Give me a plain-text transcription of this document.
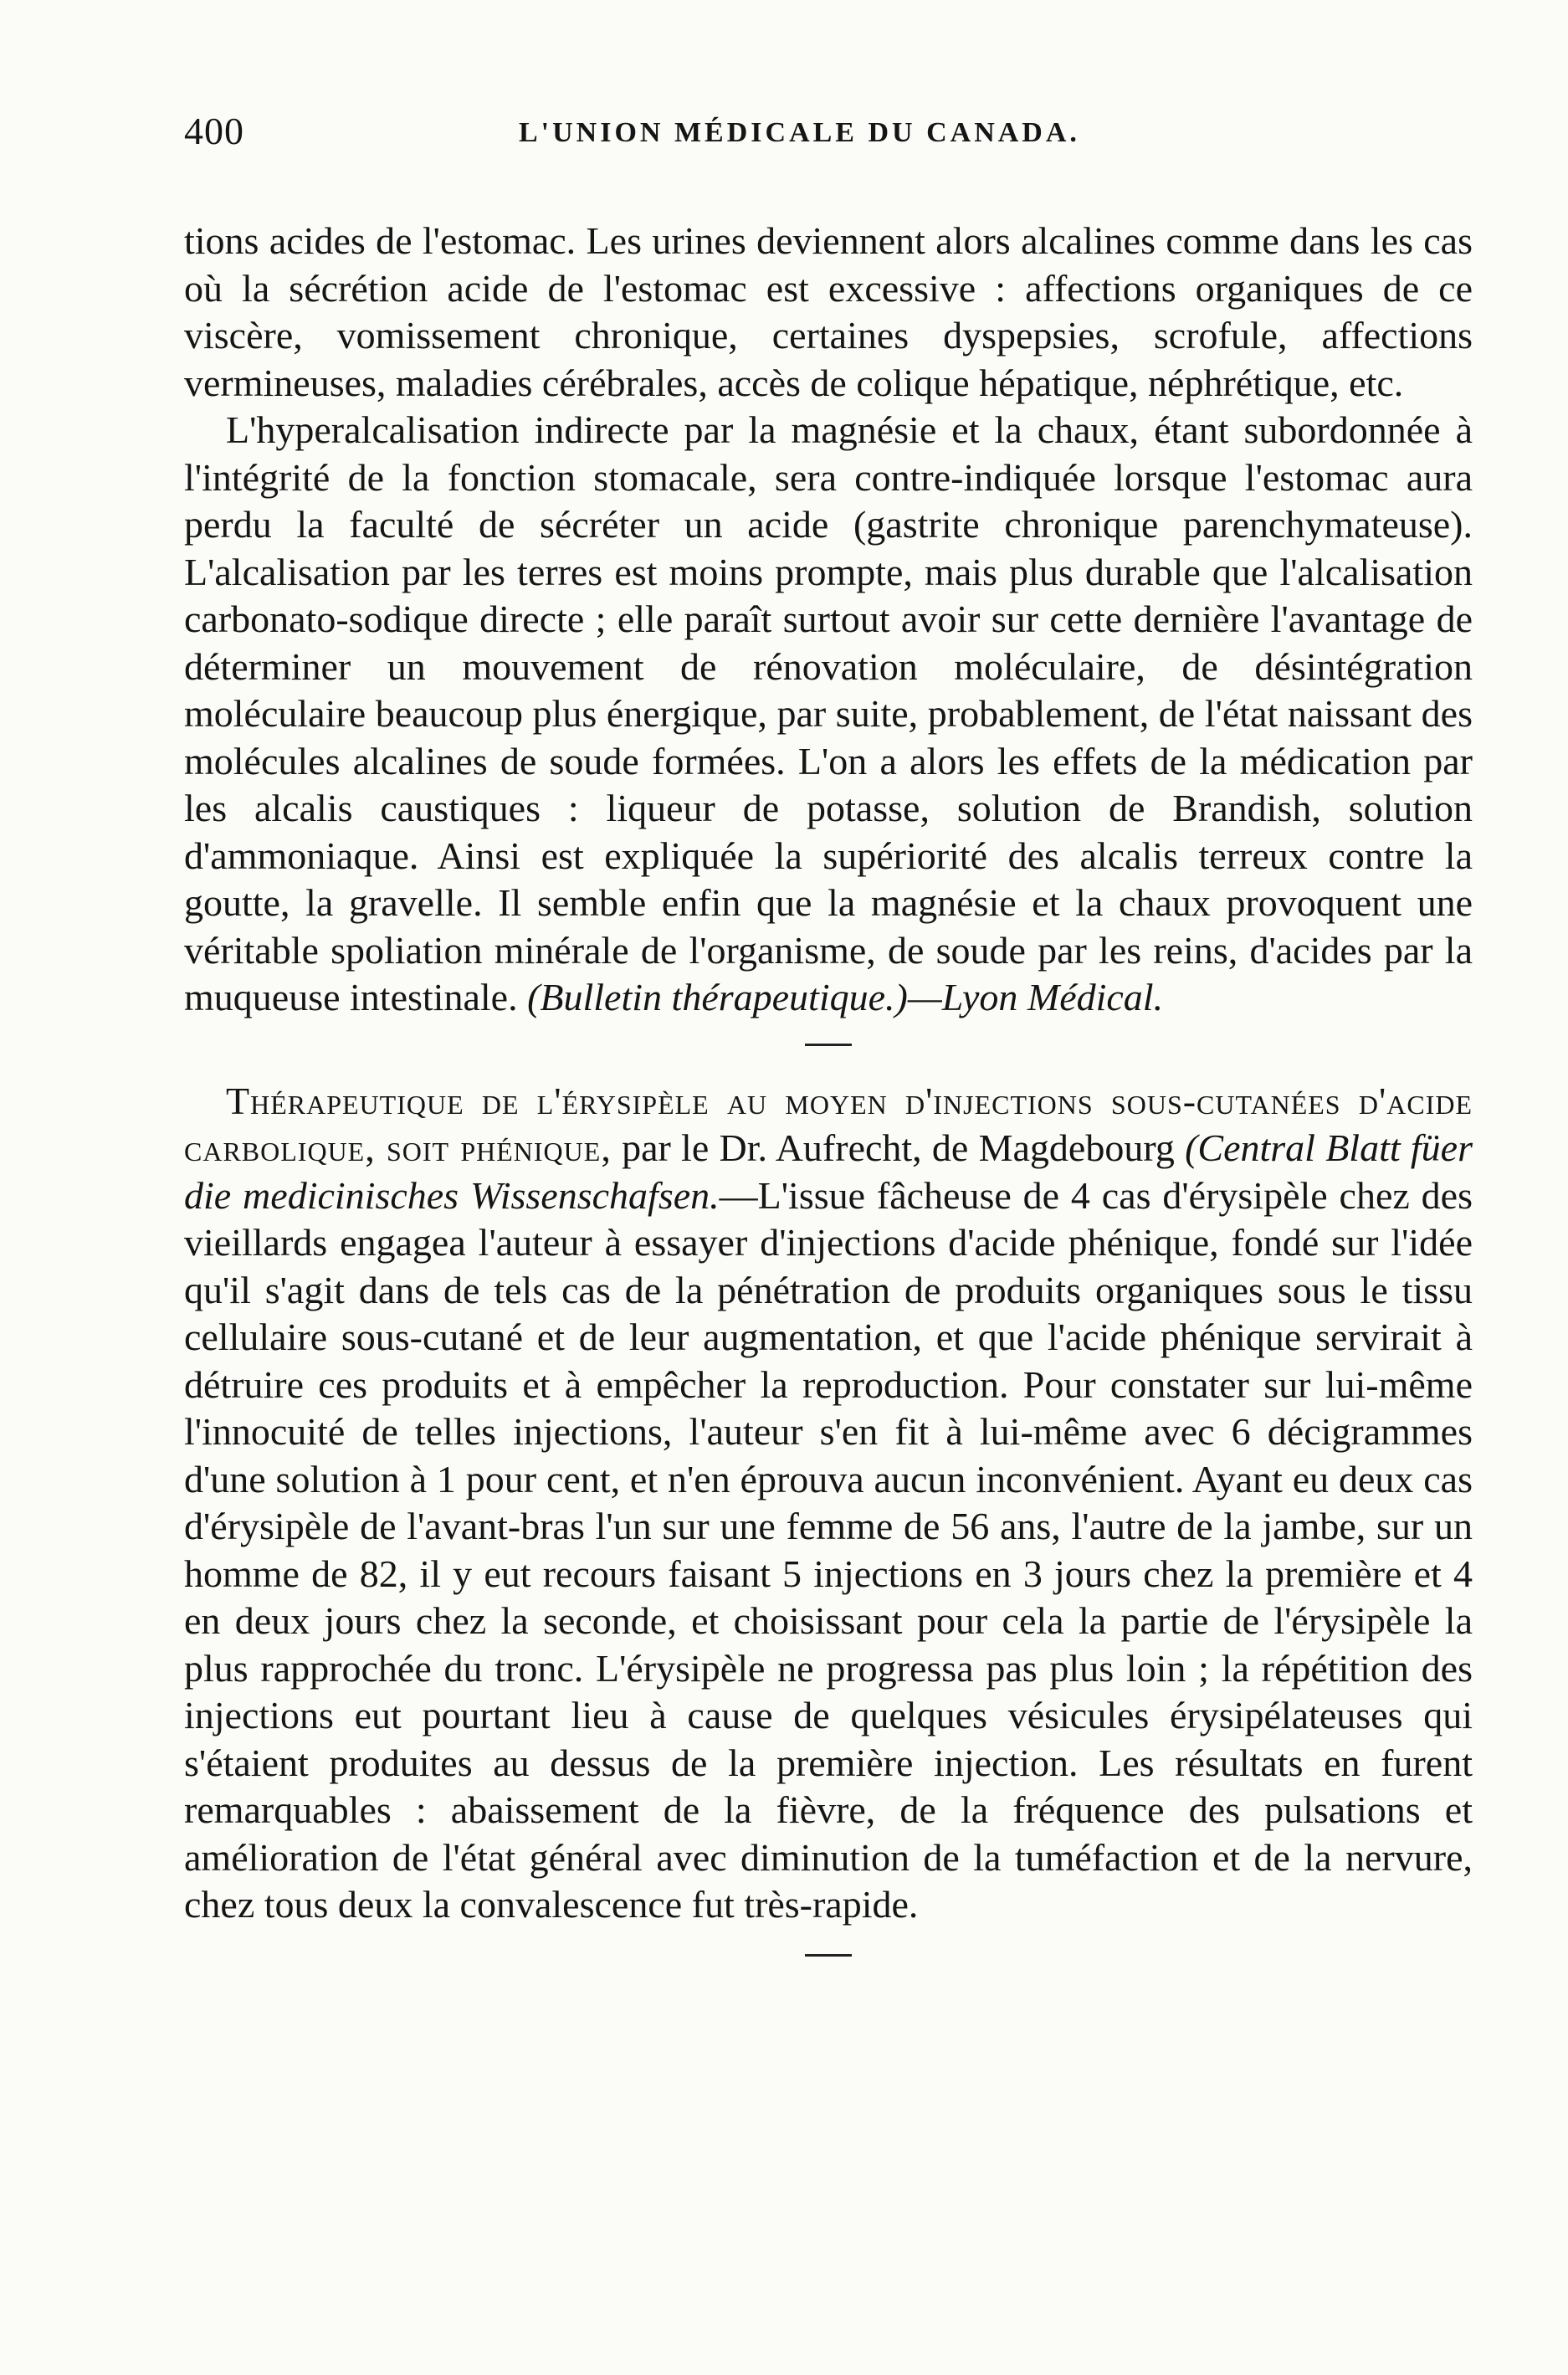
400	L'UNION MÉDICALE DU CANADA.

tions acides de l'estomac. Les urines deviennent alors alcalines comme dans les cas où la sécrétion acide de l'estomac est excessive : affections organiques de ce viscère, vomissement chronique, certaines dyspepsies, scrofule, affections vermineuses, maladies cérébrales, accès de colique hépatique, néphrétique, etc.

L'hyperalcalisation indirecte par la magnésie et la chaux, étant subordonnée à l'intégrité de la fonction stomacale, sera contre-indiquée lorsque l'estomac aura perdu la faculté de sécréter un acide (gastrite chronique parenchymateuse). L'alcalisation par les terres est moins prompte, mais plus durable que l'alcalisation carbonato-sodique directe ; elle paraît surtout avoir sur cette dernière l'avantage de déterminer un mouvement de rénovation moléculaire, de désintégration moléculaire beaucoup plus énergique, par suite, probablement, de l'état naissant des molécules alcalines de soude formées. L'on a alors les effets de la médication par les alcalis caustiques : liqueur de potasse, solution de Brandish, solution d'ammoniaque. Ainsi est expliquée la supériorité des alcalis terreux contre la goutte, la gravelle. Il semble enfin que la magnésie et la chaux provoquent une véritable spoliation minérale de l'organisme, de soude par les reins, d'acides par la muqueuse intestinale. (Bulletin thérapeutique.)—Lyon Médical.

Thérapeutique de l'érysipèle au moyen d'injections sous-cutanées d'acide carbolique, soit phénique, par le Dr. Aufrecht, de Magdebourg (Central Blatt füer die medicinisches Wissenschafsen.—L'issue fâcheuse de 4 cas d'érysipèle chez des vieillards engagea l'auteur à essayer d'injections d'acide phénique, fondé sur l'idée qu'il s'agit dans de tels cas de la pénétration de produits organiques sous le tissu cellulaire sous-cutané et de leur augmentation, et que l'acide phénique servirait à détruire ces produits et à empêcher la reproduction. Pour constater sur lui-même l'innocuité de telles injections, l'auteur s'en fit à lui-même avec 6 décigrammes d'une solution à 1 pour cent, et n'en éprouva aucun inconvénient. Ayant eu deux cas d'érysipèle de l'avant-bras l'un sur une femme de 56 ans, l'autre de la jambe, sur un homme de 82, il y eut recours faisant 5 injections en 3 jours chez la première et 4 en deux jours chez la seconde, et choisissant pour cela la partie de l'érysipèle la plus rapprochée du tronc. L'érysipèle ne progressa pas plus loin ; la répétition des injections eut pourtant lieu à cause de quelques vésicules érysipélateuses qui s'étaient produites au dessus de la première injection. Les résultats en furent remarquables : abaissement de la fièvre, de la fréquence des pulsations et amélioration de l'état général avec diminution de la tuméfaction et de la nervure, chez tous deux la convalescence fut très-rapide.
